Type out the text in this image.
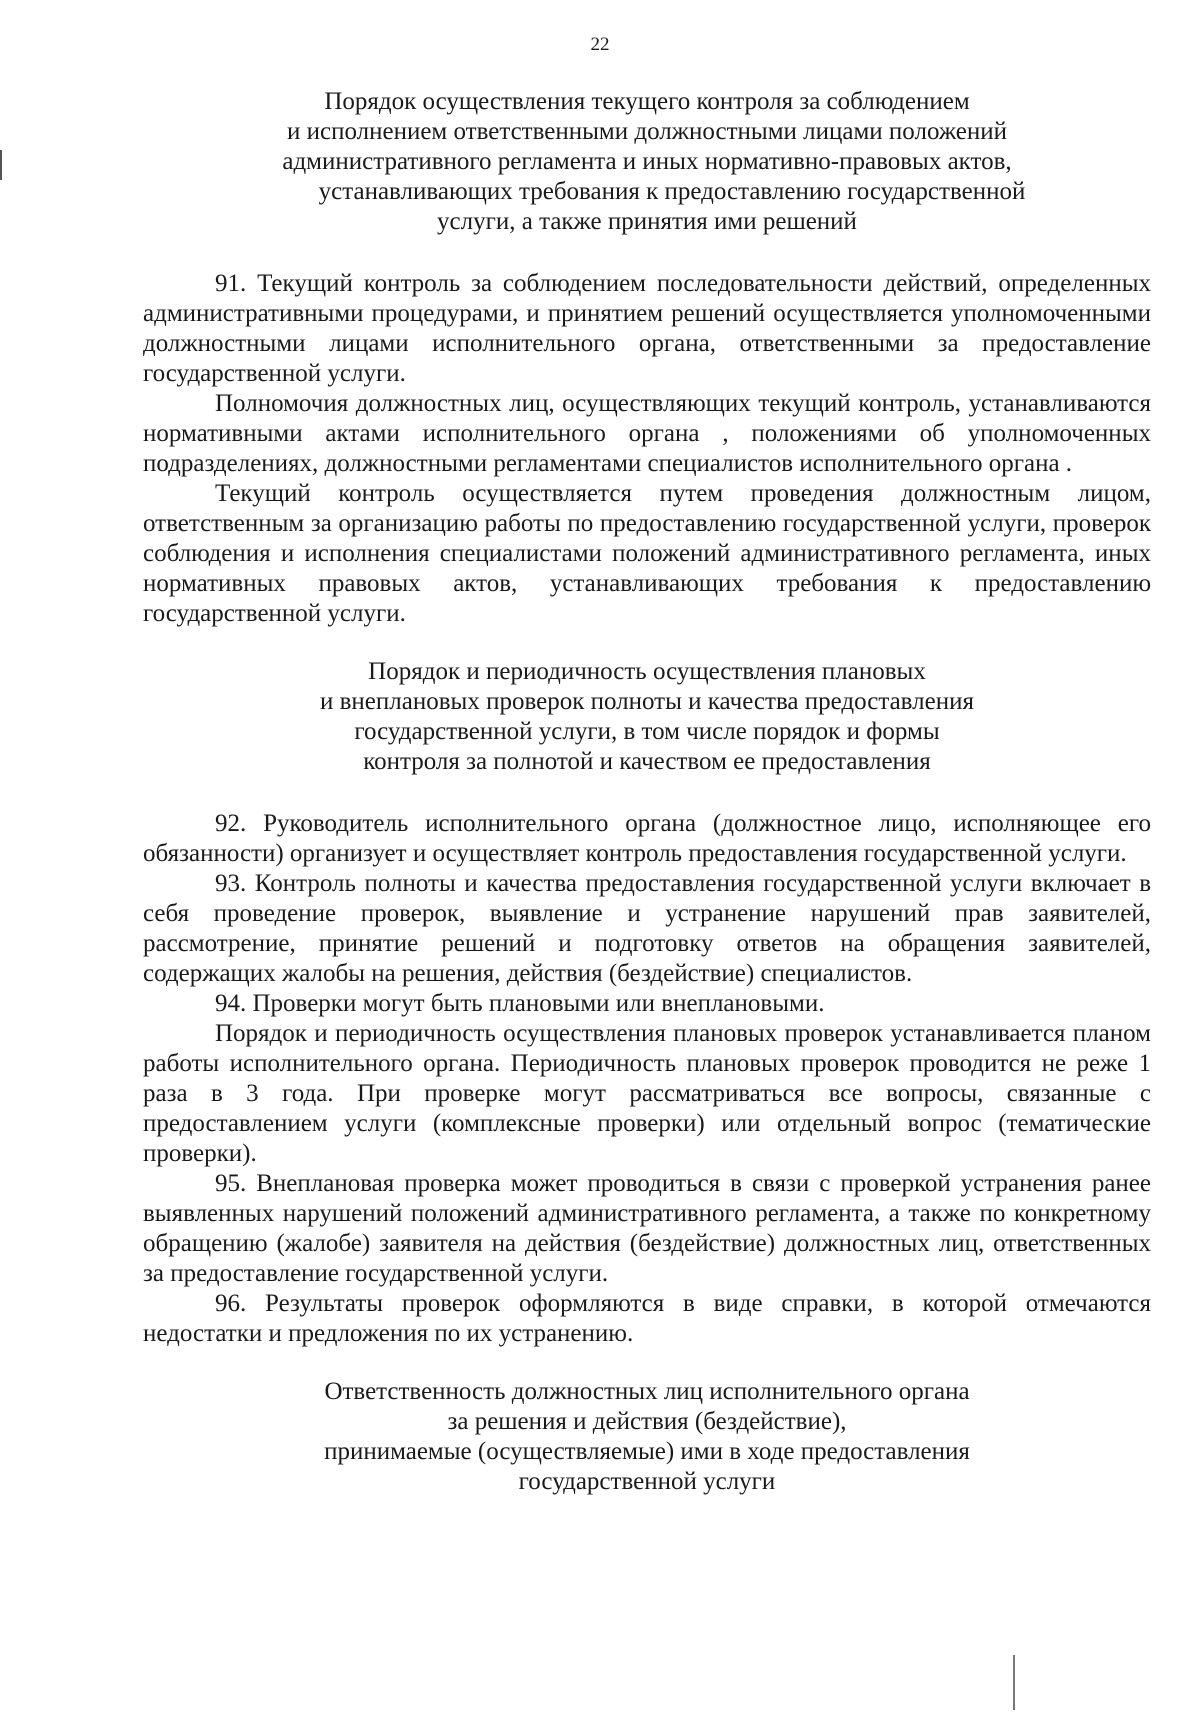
22
Порядок осуществления текущего контроля за соблюдением
и исполнением ответственными должностными лицами положений
административного регламента и иных нормативно-правовых актов,
устанавливающих требования к предоставлению государственной
услуги, а также принятия ими решений

91. Текущий контроль за соблюдением последовательности действий, определенных административными процедурами, и принятием решений осуществляется уполномоченными должностными лицами исполнительного органа, ответственными за предоставление государственной услуги.

Полномочия должностных лиц, осуществляющих текущий контроль, устанавливаются нормативными актами исполнительного органа , положениями об уполномоченных подразделениях, должностными регламентами специалистов исполнительного органа .

Текущий контроль осуществляется путем проведения должностным лицом, ответственным за организацию работы по предоставлению государственной услуги, проверок соблюдения и исполнения специалистами положений административного регламента, иных нормативных правовых актов, устанавливающих требования к предоставлению государственной услуги.

Порядок и периодичность осуществления плановых
и внеплановых проверок полноты и качества предоставления
государственной услуги, в том числе порядок и формы
контроля за полнотой и качеством ее предоставления

92. Руководитель исполнительного органа (должностное лицо, исполняющее его обязанности) организует и осуществляет контроль предоставления государственной услуги.

93. Контроль полноты и качества предоставления государственной услуги включает в себя проведение проверок, выявление и устранение нарушений прав заявителей, рассмотрение, принятие решений и подготовку ответов на обращения заявителей, содержащих жалобы на решения, действия (бездействие) специалистов.

94. Проверки могут быть плановыми или внеплановыми.

Порядок и периодичность осуществления плановых проверок устанавливается планом работы исполнительного органа. Периодичность плановых проверок проводится не реже 1 раза в 3 года. При проверке могут рассматриваться все вопросы, связанные с предоставлением услуги (комплексные проверки) или отдельный вопрос (тематические проверки).

95. Внеплановая проверка может проводиться в связи с проверкой устранения ранее выявленных нарушений положений административного регламента, а также по конкретному обращению (жалобе) заявителя на действия (бездействие) должностных лиц, ответственных за предоставление государственной услуги.

96. Результаты проверок оформляются в виде справки, в которой отмечаются недостатки и предложения по их устранению.

Ответственность должностных лиц исполнительного органа
за решения и действия (бездействие),
принимаемые (осуществляемые) ими в ходе предоставления
государственной услуги
